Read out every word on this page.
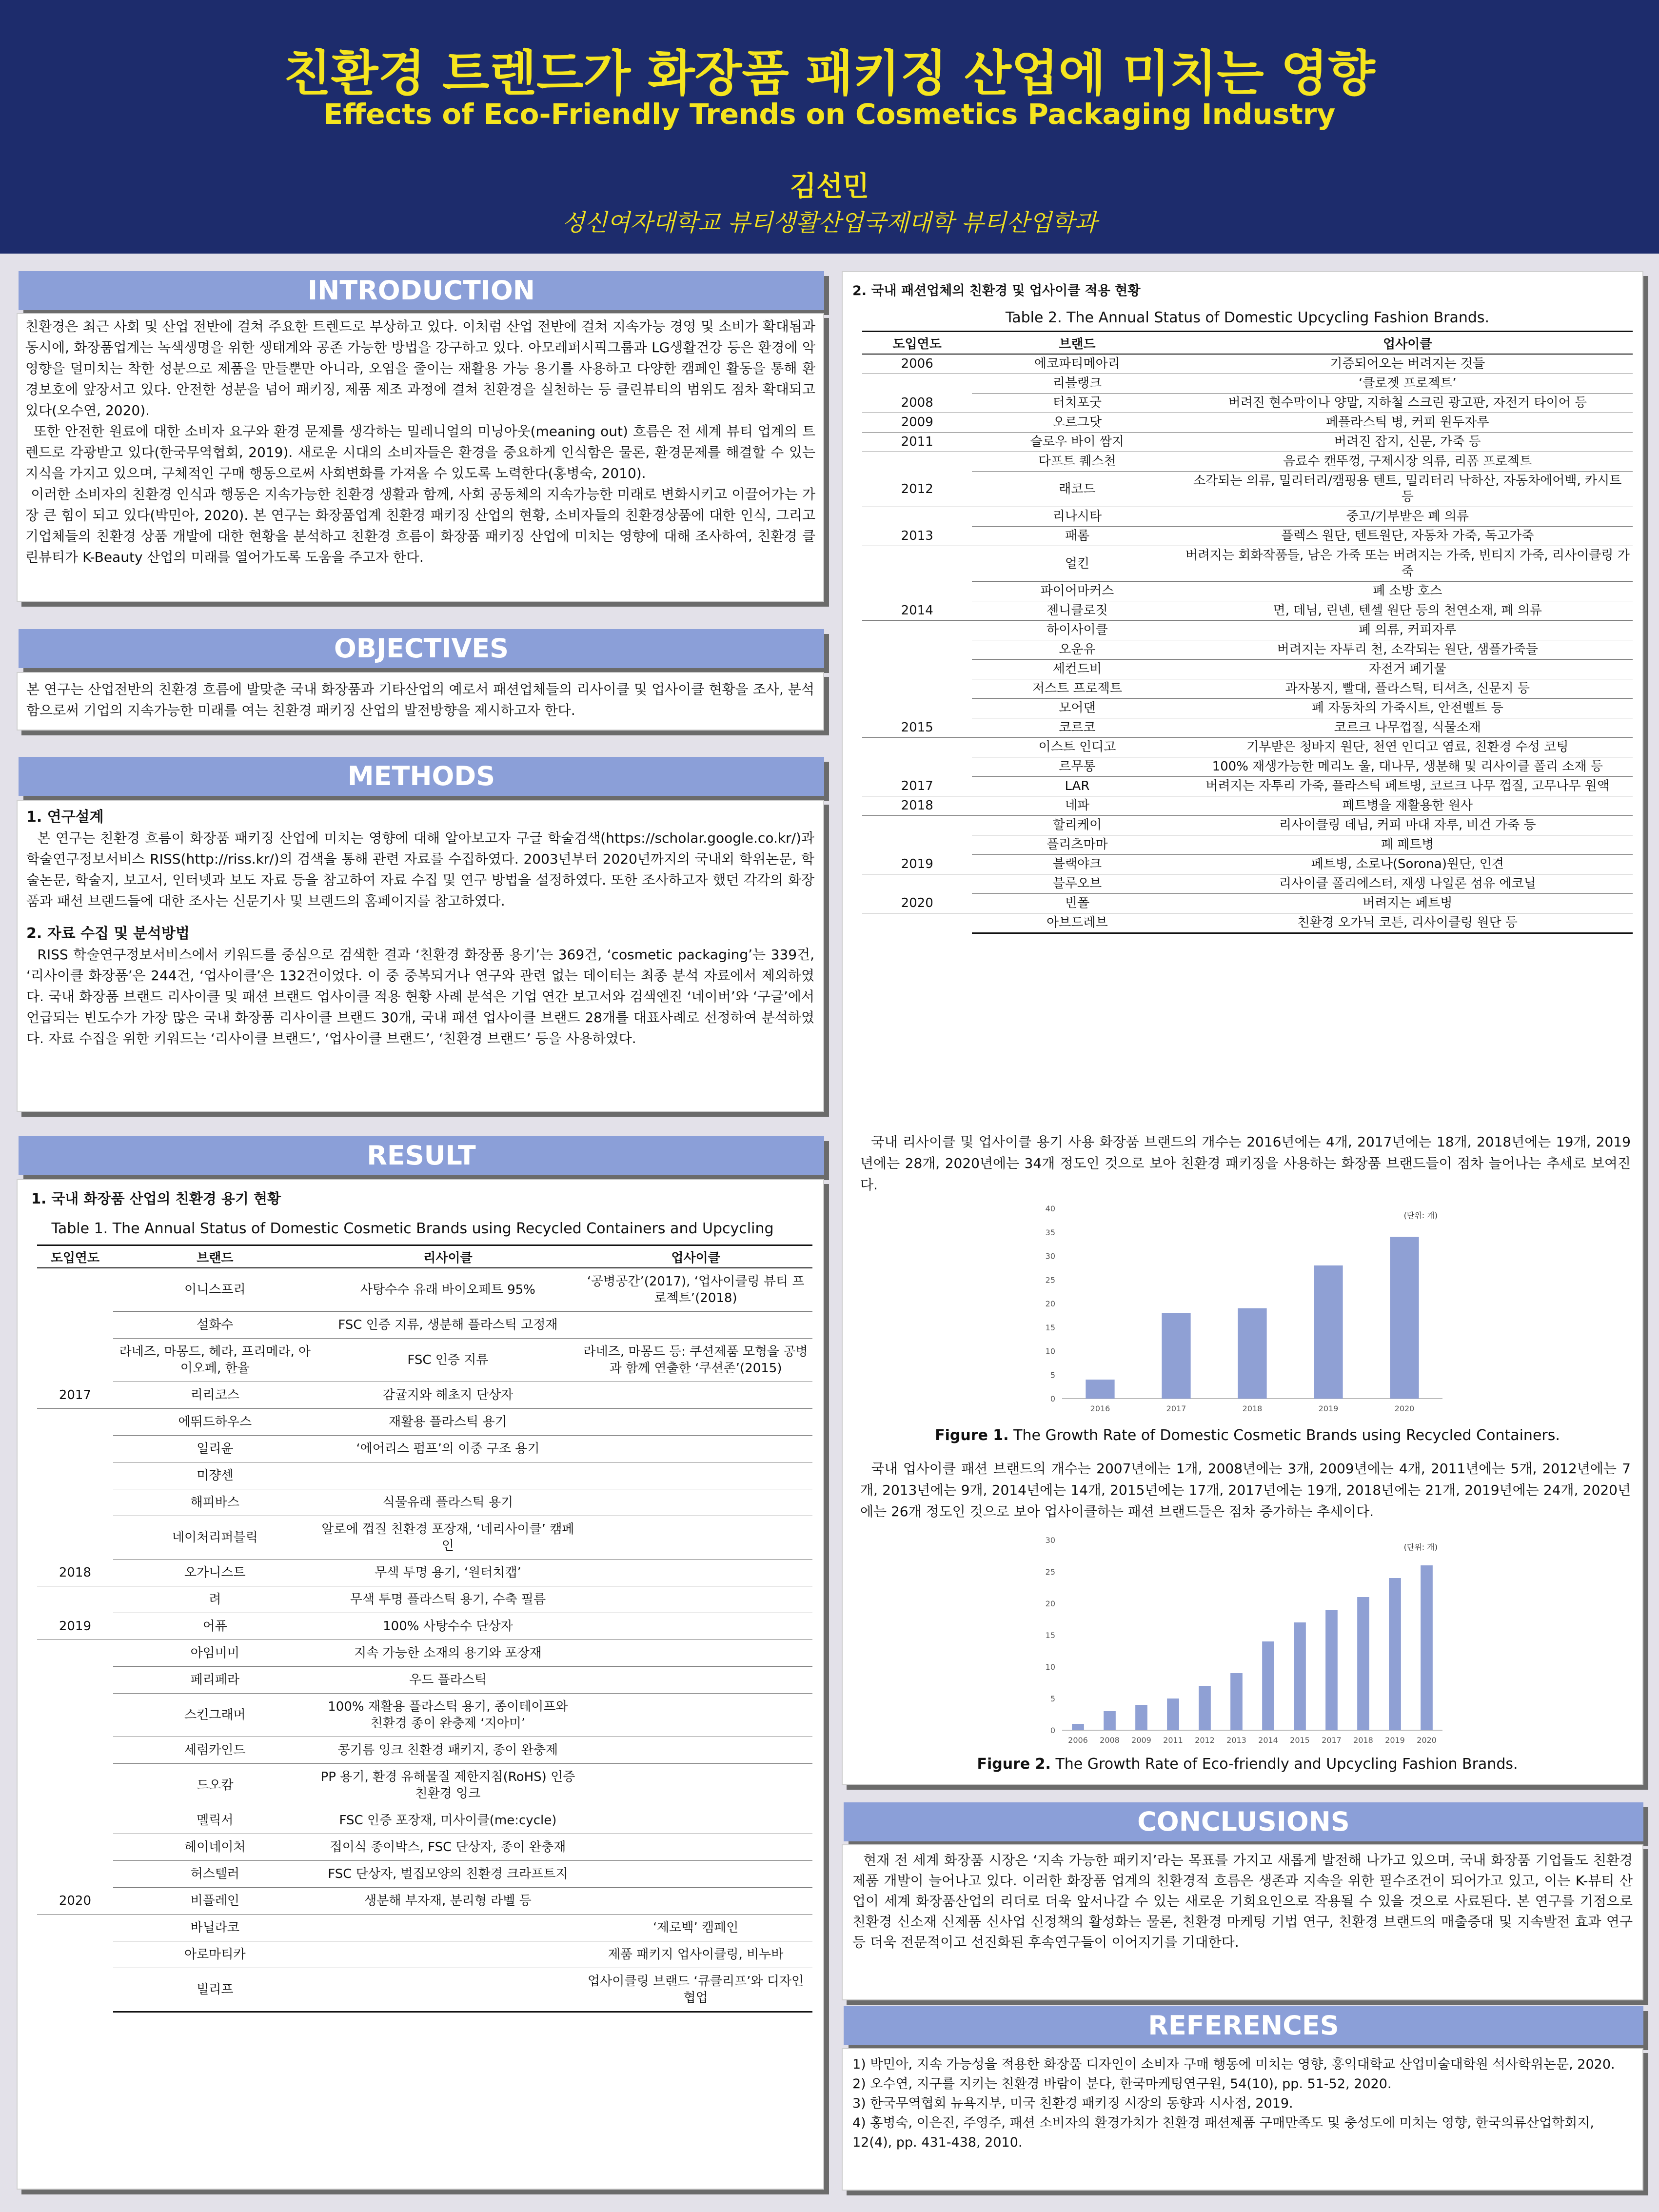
친환경 트렌드가 화장품 패키징 산업에 미치는 영향
Effects of Eco-Friendly Trends on Cosmetics Packaging Industry
김선민
성신여자대학교 뷰티생활산업국제대학 뷰티산업학과
INTRODUCTION

친환경은 최근 사회 및 산업 전반에 걸쳐 주요한 트렌드로 부상하고 있다. 이처럼 산업 전반에 걸쳐 지속가능 경영 및 소비가 확대됨과 동시에, 화장품업계는 녹색생명을 위한 생태계와 공존 가능한 방법을 강구하고 있다. 아모레퍼시픽그룹과 LG생활건강 등은 환경에 악영향을 덜미치는 착한 성분으로 제품을 만들뿐만 아니라, 오염을 줄이는 재활용 가능 용기를 사용하고 다양한 캠페인 활동을 통해 환경보호에 앞장서고 있다. 안전한 성분을 넘어 패키징, 제품 제조 과정에 결쳐 친환경을 실천하는 등 클린뷰티의 범위도 점차 확대되고 있다(오수연, 2020).

또한 안전한 원료에 대한 소비자 요구와 환경 문제를 생각하는 밀레니얼의 미닝아웃(meaning out) 흐름은 전 세계 뷰티 업계의 트렌드로 각광받고 있다(한국무역협회, 2019). 새로운 시대의 소비자들은 환경을 중요하게 인식함은 물론, 환경문제를 해결할 수 있는 지식을 가지고 있으며, 구체적인 구매 행동으로써 사회변화를 가져올 수 있도록 노력한다(홍병숙, 2010).

이러한 소비자의 친환경 인식과 행동은 지속가능한 친환경 생활과 함께, 사회 공동체의 지속가능한 미래로 변화시키고 이끌어가는 가장 큰 힘이 되고 있다(박민아, 2020). 본 연구는 화장품업계 친환경 패키징 산업의 현황, 소비자들의 친환경상품에 대한 인식, 그리고 기업체들의 친환경 상품 개발에 대한 현황을 분석하고 친환경 흐름이 화장품 패키징 산업에 미치는 영향에 대해 조사하여, 친환경 클린뷰티가 K-Beauty 산업의 미래를 열어가도록 도움을 주고자 한다.

OBJECTIVES
본 연구는 산업전반의 친환경 흐름에 발맞춘 국내 화장품과 기타산업의 예로서 패션업체들의 리사이클 및 업사이클 현황을 조사, 분석함으로써 기업의 지속가능한 미래를 여는 친환경 패키징 산업의 발전방향을 제시하고자 한다.
METHODS

1. 연구설계

본 연구는 친환경 흐름이 화장품 패키징 산업에 미치는 영향에 대해 알아보고자 구글 학술검색(https://scholar.google.co.kr/)과 학술연구정보서비스 RISS(http://riss.kr/)의 검색을 통해 관련 자료를 수집하였다. 2003년부터 2020년까지의 국내외 학위논문, 학술논문, 학술지, 보고서, 인터넷과 보도 자료 등을 참고하여 자료 수집 및 연구 방법을 설정하였다. 또한 조사하고자 했던 각각의 화장품과 패션 브랜드들에 대한 조사는 신문기사 및 브랜드의 홈페이지를 참고하였다.

2. 자료 수집 및 분석방법

RISS 학술연구정보서비스에서 키워드를 중심으로 검색한 결과 ‘친환경 화장품 용기’는 369건, ‘cosmetic packaging’는 339건, ‘리사이클 화장품’은 244건, ‘업사이클’은 132건이었다. 이 중 중복되거나 연구와 관련 없는 데이터는 최종 분석 자료에서 제외하였다. 국내 화장품 브랜드 리사이클 및 패션 브랜드 업사이클 적용 현황 사례 분석은 기업 연간 보고서와 검색엔진 ‘네이버’와 ‘구글’에서 언급되는 빈도수가 가장 많은 국내 화장품 리사이클 브랜드 30개, 국내 패션 업사이클 브랜드 28개를 대표사례로 선정하여 분석하였다. 자료 수집을 위한 키워드는 ‘리사이클 브랜드’, ‘업사이클 브랜드’, ‘친환경 브랜드’ 등을 사용하였다.

RESULT
1. 국내 화장품 산업의 친환경 용기 현황
Table 1. The Annual Status of Domestic Cosmetic Brands using Recycled Containers and Upcycling
도입연도	브랜드	리사이클	업사이클
	이니스프리	사탕수수 유래 바이오페트 95%	‘공병공간’(2017), ‘업사이클링 뷰티 프로젝트’(2018)
	설화수	FSC 인증 지류, 생분해 플라스틱 고정재	
	라네즈, 마몽드, 헤라, 프리메라, 아이오페, 한율	FSC 인증 지류	라네즈, 마몽드 등: 쿠션제품 모형을 공병과 함께 연출한 ‘쿠션존’(2015)
2017	리리코스	감귤지와 해초지 단상자	
	에뛰드하우스	재활용 플라스틱 용기	
	일리윤	‘에어리스 펌프’의 이중 구조 용기	
	미쟝센		
	해피바스	식물유래 플라스틱 용기	
	네이처리퍼블릭	알로에 껍질 친환경 포장재, ‘네리사이클’ 캠페인	
2018	오가니스트	무색 투명 용기, ‘원터치캡’	
	려	무색 투명 플라스틱 용기, 수축 필름	
2019	어퓨	100% 사탕수수 단상자	
	아임미미	지속 가능한 소재의 용기와 포장재	
	페리페라	우드 플라스틱	
	스킨그래머	100% 재활용 플라스틱 용기, 종이테이프와 친환경 종이 완충제 ‘지아미’	
	세럼카인드	콩기름 잉크 친환경 패키지, 종이 완충제	
	드오캄	PP 용기, 환경 유해물질 제한지침(RoHS) 인증 친환경 잉크	
	멜릭서	FSC 인증 포장재, 미사이클(me:cycle)	
	헤이네이처	접이식 종이박스, FSC 단상자, 종이 완충재	
	허스텔러	FSC 단상자, 벌집모양의 친환경 크라프트지	
2020	비플레인	생분해 부자재, 분리형 라벨 등	
	바닐라코		‘제로백’ 캠페인
	아로마티카		제품 패키지 업사이클링, 비누바
	빌리프		업사이클링 브랜드 ‘큐클리프’와 디자인 협업
2. 국내 패션업체의 친환경 및 업사이클 적용 현황
Table 2. The Annual Status of Domestic Upcycling Fashion Brands.
도입연도	브랜드	업사이클
2006	에코파티메아리	기증되어오는 버려지는 것들
	리블랭크	‘클로젯 프로젝트’
2008	터치포굿	버려진 현수막이나 양말, 지하철 스크린 광고판, 자전거 타이어 등
2009	오르그닷	페플라스틱 병, 커피 원두자루
2011	슬로우 바이 쌈지	버려진 잡지, 신문, 가죽 등
	다프트 퀘스천	음료수 캔뚜껑, 구제시장 의류, 리폼 프로젝트
2012	래코드	소각되는 의류, 밀리터리/캠핑용 텐트, 밀리터리 낙하산, 자동차에어백, 카시트 등
	리나시타	중고/기부받은 폐 의류
2013	패롬	플렉스 원단, 텐트원단, 자동차 가죽, 독고가죽
	얼킨	버려지는 회화작품들, 남은 가죽 또는 버려지는 가죽, 빈티지 가죽, 리사이클링 가죽
	파이어마커스	폐 소방 호스
2014	젠니클로짓	면, 데님, 린넨, 텐셀 원단 등의 천연소재, 폐 의류
	하이사이클	폐 의류, 커피자루
	오운유	버려지는 자투리 천, 소각되는 원단, 샘플가죽들
	세컨드비	자전거 폐기물
	저스트 프로젝트	과자봉지, 빨대, 플라스틱, 티셔츠, 신문지 등
	모어댄	폐 자동차의 가죽시트, 안전벨트 등
2015	코르코	코르크 나무껍질, 식물소재
	이스트 인디고	기부받은 청바지 원단, 천연 인디고 염료, 친환경 수성 코팅
	르무통	100% 재생가능한 메리노 울, 대나무, 생분해 및 리사이클 폴리 소재 등
2017	LAR	버려지는 자투리 가죽, 플라스틱 페트병, 코르크 나무 껍질, 고무나무 원액
2018	네파	페트병을 재활용한 원사
	할리케이	리사이클링 데님, 커피 마대 자루, 비건 가죽 등
	플리츠마마	폐 페트병
2019	블랙야크	페트병, 소로나(Sorona)원단, 인견
	블루오브	리사이클 폴리에스터, 재생 나일론 섬유 에코닐
2020	빈폴	버려지는 페트병
	아브드레브	친환경 오가닉 코튼, 리사이클링 원단 등
국내 리사이클 및 업사이클 용기 사용 화장품 브랜드의 개수는 2016년에는 4개, 2017년에는 18개, 2018년에는 19개, 2019년에는 28개, 2020년에는 34개 정도인 것으로 보아 친환경 패키징을 사용하는 화장품 브랜드들이 점차 늘어나는 추세로 보여진다.
0
5
10
15
20
25
30
35
40
(단위: 개)
2016	2017	2018	2019	2020
Figure 1. The Growth Rate of Domestic Cosmetic Brands using Recycled Containers.
국내 업사이클 패션 브랜드의 개수는 2007년에는 1개, 2008년에는 3개, 2009년에는 4개, 2011년에는 5개, 2012년에는 7개, 2013년에는 9개, 2014년에는 14개, 2015년에는 17개, 2017년에는 19개, 2018년에는 21개, 2019년에는 24개, 2020년에는 26개 정도인 것으로 보아 업사이클하는 패션 브랜드들은 점차 증가하는 추세이다.
0
5
10
15
20
25
30
(단위: 개)
2006 2008 2009 2011 2012 2013 2014 2015 2017 2018 2019 2020
Figure 2. The Growth Rate of Eco-friendly and Upcycling Fashion Brands.
CONCLUSIONS
현재 전 세계 화장품 시장은 ‘지속 가능한 패키지’라는 목표를 가지고 새롭게 발전해 나가고 있으며, 국내 화장품 기업들도 친환경 제품 개발이 늘어나고 있다. 이러한 화장품 업계의 친환경적 흐름은 생존과 지속을 위한 필수조건이 되어가고 있고, 이는 K-뷰티 산업이 세계 화장품산업의 리더로 더욱 앞서나갈 수 있는 새로운 기회요인으로 작용될 수 있을 것으로 사료된다. 본 연구를 기점으로 친환경 신소재 신제품 신사업 신정책의 활성화는 물론, 친환경 마케팅 기법 연구, 친환경 브랜드의 매출증대 및 지속발전 효과 연구 등 더욱 전문적이고 선진화된 후속연구들이 이어지기를 기대한다.
REFERENCES

1) 박민아, 지속 가능성을 적용한 화장품 디자인이 소비자 구매 행동에 미치는 영향, 홍익대학교 산업미술대학원 석사학위논문, 2020.

2) 오수연, 지구를 지키는 친환경 바람이 분다, 한국마케팅연구원, 54(10), pp. 51-52, 2020.

3) 한국무역협회 뉴욕지부, 미국 친환경 패키징 시장의 동향과 시사점, 2019.

4) 홍병숙, 이은진, 주영주, 패션 소비자의 환경가치가 친환경 패션제품 구매만족도 및 충성도에 미치는 영향, 한국의류산업학회지, 12(4), pp. 431-438, 2010.
